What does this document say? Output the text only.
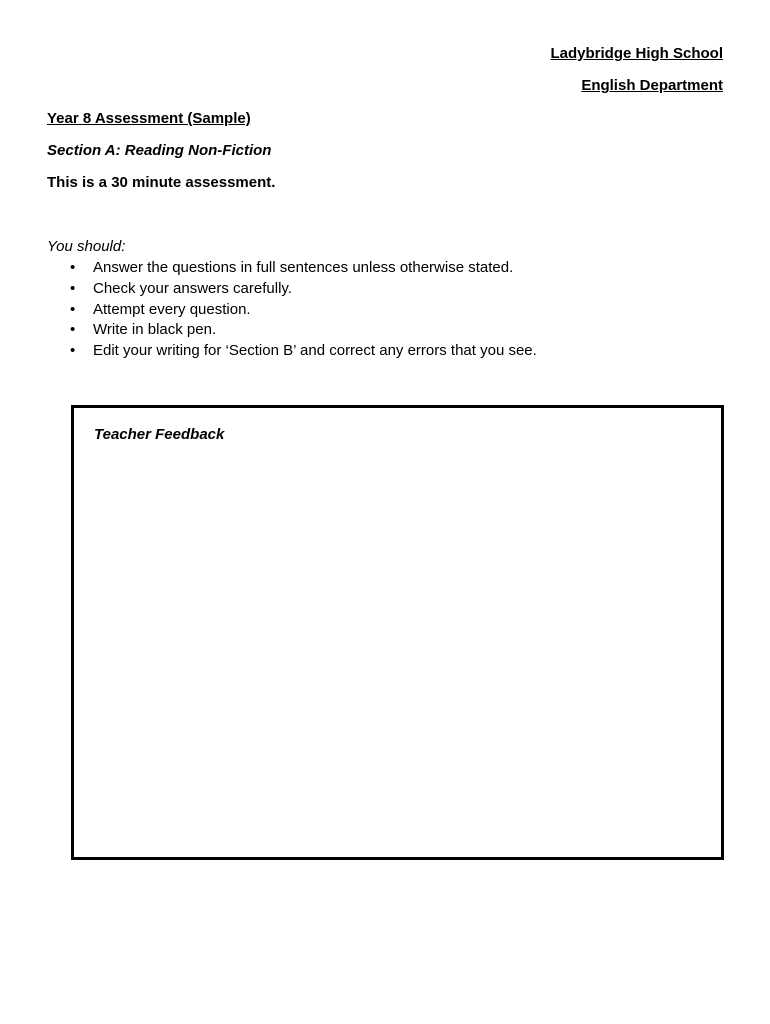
Ladybridge High School
English Department
Year 8 Assessment (Sample)
Section A: Reading Non-Fiction
This is a 30 minute assessment.
You should:
• Answer the questions in full sentences unless otherwise stated.
• Check your answers carefully.
• Attempt every question.
• Write in black pen.
• Edit your writing for ‘Section B’ and correct any errors that you see.
Teacher Feedback
